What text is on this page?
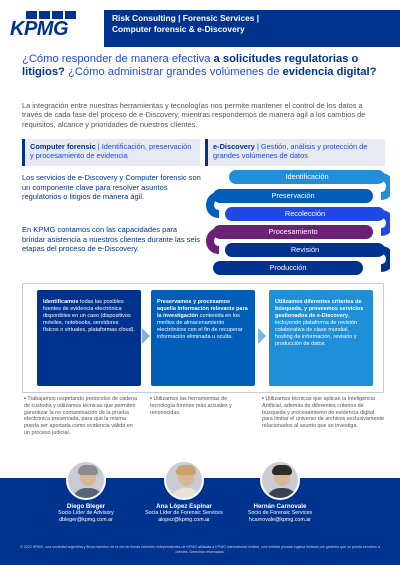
KPMG	Risk Consulting | Forensic Services |
Computer forensic & e-Discovery
¿Cómo responder de manera efectiva a solicitudes regulatorias o litigios? ¿Cómo administrar grandes volúmenes de evidencia digital?
La integración entre nuestras herramientas y tecnologías nos permite mantener el control de los datos a través de cada fase del proceso de e-Discovery, mientras respondemos de manera ágil a los cambios de requisitos, alcance y prioridades de nuestros clientes.
Computer forensic | Identificación, preservación y procesamiento de evidencia
e-Discovery | Gestión, análisis y protección de grandes volúmenes de datos
Los servicios de e-Discovery y Computer forensic son un componente clave para resolver asuntos regulatorios o litigios de manera ágil.
En KPMG contamos con las capacidades para brindar asistencia a nuestros clientes durante las seis etapas del proceso de e-Discovery.
Identificación
Preservación
Recolección
Procesamiento
Revisión
Producción
Identificamos todas las posibles fuentes de evidencia electrónica disponibles en un caso (dispositivos móviles, notebooks, servidores físicos o virtuales, plataformas cloud).
Preservamos y procesamos aquella información relevante para la investigación contenida en los medios de almacenamiento electrónicos con el fin de recuperar información eliminada u oculta.
Utilizamos diferentes criterios de búsqueda, y proveemos servicios gestionados de e-Discovery, incluyendo plataforma de revisión colaborativa de clase mundial, hosting de información, revisión y producción de datos.
• Trabajamos respetando protocolos de cadena de custodia y utilizamos técnicas que permiten garantizar la no contaminación de la prueba electrónica preservada, para que la misma pueda ser aportada como evidencia válida en un proceso judicial.
• Utilizamos las herramientas de tecnología forense más actuales y reconocidas.
• Utilizamos técnicas que aplican la Inteligencia Artificial, además de diferentes criterios de búsqueda y procesamiento de evidencia digital para limitar el universo de archivos exclusivamente relacionados al asunto que se investiga.
Diego Bleger
Socio Líder de Advisory
dbleger@kpmg.com.ar
Ana López Espinar
Socia Líder de Forensic Services
alopez@kpmg.com.ar
Hernán Carnovale
Socio de Forensic Services
hcarnovale@kpmg.com.ar
© 2022 KPMG, una sociedad argentina y firma miembro de la red de firmas miembro independientes de KPMG afiliadas a KPMG International Limited, una entidad privada inglesa limitada por garantía que no presta servicios a clientes. Derechos reservados.
